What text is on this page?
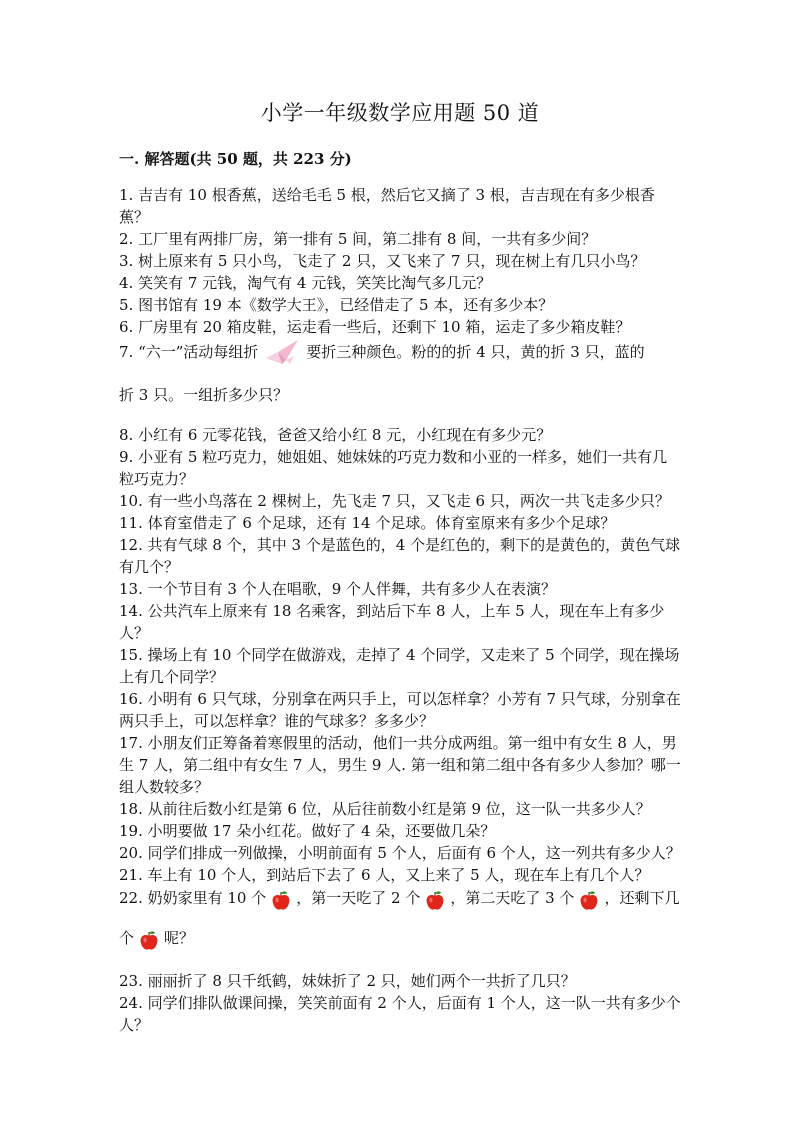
小学一年级数学应用题 50 道
一. 解答题(共 50 题，共 223 分)

1. 吉吉有 10 根香蕉，送给毛毛 5 根，然后它又摘了 3 根，吉吉现在有多少根香蕉？

2. 工厂里有两排厂房，第一排有 5 间，第二排有 8 间，一共有多少间？

3. 树上原来有 5 只小鸟，飞走了 2 只，又飞来了 7 只，现在树上有几只小鸟？

4. 笑笑有 7 元钱，淘气有 4 元钱，笑笑比淘气多几元？

5. 图书馆有 19 本《数学大王》，已经借走了 5 本，还有多少本？

6. 厂房里有 20 箱皮鞋，运走看一些后，还剩下 10 箱，运走了多少箱皮鞋？

7. “六一”活动每组折	要折三种颜色。粉的的折 4 只，黄的折 3 只，蓝的

折 3 只。一组折多少只？

8. 小红有 6 元零花钱，爸爸又给小红 8 元，小红现在有多少元？

9. 小亚有 5 粒巧克力，她姐姐、她妹妹的巧克力数和小亚的一样多，她们一共有几粒巧克力？

10. 有一些小鸟落在 2 棵树上，先飞走 7 只，又飞走 6 只，两次一共飞走多少只？

11. 体育室借走了 6 个足球，还有 14 个足球。体育室原来有多少个足球？

12. 共有气球 8 个，其中 3 个是蓝色的，4 个是红色的，剩下的是黄色的，黄色气球有几个？

13. 一个节目有 3 个人在唱歌，9 个人伴舞，共有多少人在表演？

14. 公共汽车上原来有 18 名乘客，到站后下车 8 人，上车 5 人，现在车上有多少人？

15. 操场上有 10 个同学在做游戏，走掉了 4 个同学，又走来了 5 个同学，现在操场上有几个同学？

16. 小明有 6 只气球，分别拿在两只手上，可以怎样拿？小芳有 7 只气球，分别拿在两只手上，可以怎样拿？谁的气球多？多多少？

17. 小朋友们正筹备着寒假里的活动，他们一共分成两组。第一组中有女生 8 人，男生 7 人，第二组中有女生 7 人，男生 9 人. 第一组和第二组中各有多少人参加？哪一组人数较多？

18. 从前往后数小红是第 6 位，从后往前数小红是第 9 位，这一队一共多少人？

19. 小明要做 17 朵小红花。做好了 4 朵，还要做几朵？

20. 同学们排成一列做操，小明前面有 5 个人，后面有 6 个人，这一列共有多少人？

21. 车上有 10 个人，到站后下去了 6 人，又上来了 5 人，现在车上有几个人？

22. 奶奶家里有 10 个 ，第一天吃了 2 个 ，第二天吃了 3 个 ，还剩下几

个 呢？

23. 丽丽折了 8 只千纸鹤，妹妹折了 2 只，她们两个一共折了几只？

24. 同学们排队做课间操，笑笑前面有 2 个人，后面有 1 个人，这一队一共有多少个人？
